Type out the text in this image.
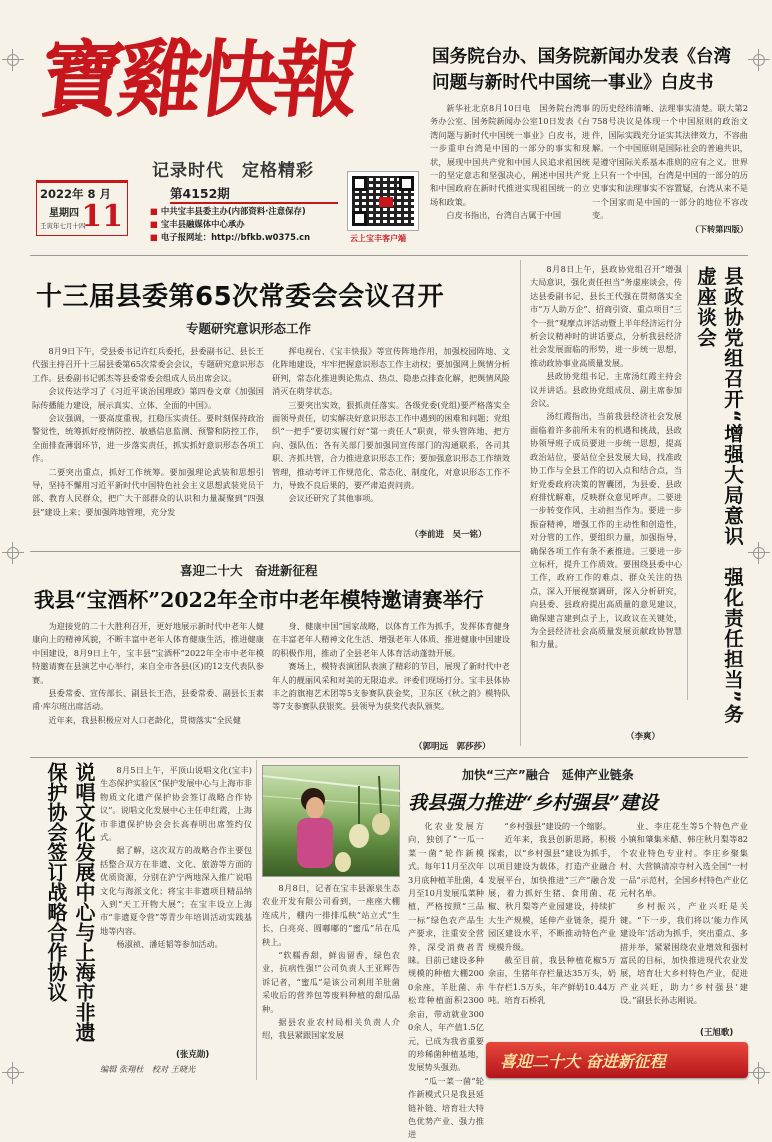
寶雞快報
记录时代　定格精彩
2022年 8 月
星期四
壬寅年七月十四
11
第4152期
■ 中共宝丰县委主办(内部资料·注意保存)
■ 宝丰县融媒体中心承办
■ 电子报网址：http://bfkb.w0375.cn	云上宝丰客户端
国务院台办、国务院新闻办发表《台湾
问题与新时代中国统一事业》白皮书

新华社北京8月10日电　国务院台湾事务办公室、国务院新闻办公室10日发表《台湾问题与新时代中国统一事业》白皮书，进一步重申台湾是中国的一部分的事实和现状，展现中国共产党和中国人民追求祖国统一的坚定意志和坚强决心，阐述中国共产党和中国政府在新时代推进实现祖国统一的立场和政策。

白皮书指出，台湾自古属于中国

的历史经纬清晰、法理事实清楚。联大第2758号决议是体现一个中国原则的政治文件，国际实践充分证实其法律效力，不容曲解。一个中国原则是国际社会的普遍共识，是遵守国际关系基本准则的应有之义。世界上只有一个中国，台湾是中国的一部分的历史事实和法理事实不容置疑，台湾从来不是一个国家而是中国的一部分的地位不容改变。
（下转第四版）
十三届县委第65次常委会会议召开
专题研究意识形态工作

8月9日下午，受县委书记许红兵委托，县委副书记、县长王代强主持召开十三届县委第65次常委会会议，专题研究意识形态工作。县委副书记郭杰等县委常委会组成人员出席会议。

会议传达学习了《习近平谈治国理政》第四卷文章《加强国际传播能力建设，展示真实、立体、全面的中国》。

会议强调，一要高度重视，扛稳压实责任。要时刻保持政治警觉性，统筹抓好疫情防控、敏感信息监测、预警和防控工作，全面排查薄弱环节，进一步落实责任，抓实抓好意识形态各项工作。

二要突出重点，抓好工作统筹。要加强理论武装和思想引导，坚持不懈用习近平新时代中国特色社会主义思想武装党员干部、教育人民群众，把广大干部群众的认识和力量凝聚到“四强县”建设上来；要加强阵地管理，充分发

挥电视台、《宝丰快报》等宣传阵地作用，加强校园阵地、文化阵地建设，牢牢把握意识形态工作主动权；要加强网上舆情分析研判，常态化推进舆论焦点、热点、隐患点排查化解，把舆情风险消灭在萌芽状态。

三要突出实效，狠抓责任落实。各级党委(党组)要严格落实全面领导责任，切实解决好意识形态工作中遇到的困难和问题；党组织“一把手”要切实履行好“第一责任人”职责，带头管阵地、把方向、强队伍；各有关部门要加强同宣传部门的沟通联系，各司其职、齐抓共管，合力推进意识形态工作；要加强意识形态工作绩效管理，推动考评工作规范化、常态化、制度化，对意识形态工作不力，导致不良后果的，要严肃追责问责。

会议还研究了其他事项。

（李前进　吴一铭）

8月8日上午，县政协党组召开“增强大局意识，强化责任担当”务虚座谈会，传达县委副书记、县长王代强在贯彻落实全市“万人助万企”、招商引资、重点项目“三个一批”观摩点评活动暨上半年经济运行分析会议精神时的讲话要点，分析我县经济社会发展面临的形势，进一步统一思想，推动政协事业高质量发展。

县政协党组书记、主席汤红霞主持会议并讲话。县政协党组成员、副主席参加会议。

汤红霞指出，当前我县经济社会发展面临着许多前所未有的机遇和挑战，县政协领导班子成员要进一步统一思想，提高政治站位，要站位全县发展大局，找准政协工作与全县工作的切入点和结合点，当好党委政府决策的智囊团，为县委、县政府排忧解难，反映群众意见呼声。二要进一步转变作风，主动担当作为。要进一步振奋精神，增强工作的主动性和创造性，对分管的工作，要组织力量，加强指导，确保各项工作有条不紊推进。三要进一步立标杆，提升工作质效。要围绕县委中心工作，政府工作的难点、群众关注的热点，深入开展视察调研，深入分析研究，向县委、县政府提出高质量的意见建议，确保建言建到点子上，议政议在关键处，为全县经济社会高质量发展贡献政协智慧和力量。

（李爽）
县政协党组召开“增强大局意识　强化责任担当”务虚座谈会
喜迎二十大　奋进新征程
我县“宝酒杯”2022年全市中老年模特邀请赛举行

为迎接党的二十大胜利召开，更好地展示新时代中老年人健康向上的精神风貌，不断丰富中老年人体育健康生活，推进健康中国建设，8月9日上午，宝丰县“宝酒杯”2022年全市中老年模特邀请赛在县演艺中心举行，来自全市各县(区)的12支代表队参赛。

县委常委、宣传部长、副县长王浩，县委常委、副县长玉素甫·库尔班出席活动。

近年来，我县积极应对人口老龄化，贯彻落实“全民健

身、健康中国”国家战略，以体育工作为抓手，发挥体育健身在丰富老年人精神文化生活、增强老年人体质、推进健康中国建设的积极作用，推动了全县老年人体育活动蓬勃开展。

赛场上，模特表演团队表演了精彩的节目，展现了新时代中老年人的靓丽风采和对美的无限追求。评委们现场打分。宝丰县体协丰之韵旗袍艺术团等5支参赛队获金奖，卫东区《秋之韵》模特队等7支参赛队获银奖。县领导为获奖代表队颁奖。

（郭明远　郭莎莎）
说唱文化发展中心与上海市非遗 保护协会签订战略合作协议	8月5日上午，平顶山说唱文化(宝丰)生态保护实验区“保护发展中心与上海市非物质文化遗产保护协会签订战略合作协议”。说唱文化发展中心主任申红霞，上海市非遗保护协会会长高春明出席签约仪式。

据了解，这次双方的战略合作主要包括整合双方在非遗、文化、旅游等方面的优质资源，分别在沪宁两地深入推广说唱文化与海派文化；将宝丰非遗项目精品纳入到“天工开物大展”；在宝丰设立上海市“非遗夏令营”等青少年培训活动实践基地等内容。

杨淑祯、潘廷韬等参加活动。

(张克勋)
编辑 张翔杜　校对 王晓光
加快“三产”融合　延伸产业链条
我县强力推进“乡村强县”建设

8月8日，记者在宝丰县源泉生态农业开发有限公司看到，一座座大棚连成片，棚内一排排瓜秧“站立式”生长，白亮亮、圆嘟嘟的“蜜瓜”吊在瓜秧上。

“软糯香甜，鲜齿留香，绿色农业，抗病性强!”公司负责人王亚辉告诉记者，“蜜瓜”是该公司利用羊肚菌采收后的营养包等废料种植的甜瓜品种。

据县农业农村局相关负责人介绍，我县紧跟国家发展

化农业发展方向，独创了“一瓜一菜一菌”轮作新模式。每年11月至次年3月底种植羊肚菌，4月至10月发展瓜菜种植，严格按照“三品一标”绿色农产品生产要求，注重安全营养，深受消费者青睐。目前已建设多种规模的种植大棚2000余座，羊肚菌、赤松茸种植面积2300余亩，带动就业3000余人，年产值1.5亿元，已成为我省重要的珍稀菌种植基地，发展势头强劲。

“瓜一菜一菌”轮作新模式只是我县延链补链、培育壮大特色优势产业、强力推进

“乡村强县”建设的一个缩影。

近年来，我县创新思路，积极探索，以“乡村强县”建设为抓手，以项目建设为载体，打造产业融合发展平台，加快推进“三产”融合发展，着力抓好生猪、食用菌、花椒、秋月梨等产业园建设，持续扩大生产规模，延伸产业链条，提升园区建设水平，不断推动特色产业规模升级。

截至目前，我县种植花椒5万余亩，生猪年存栏量达35万头，奶牛存栏1.5万头，年产鲜奶10.44万吨。培育石桥乳

业、李庄花生等5个特色产业小镇和肇集米醋、韩庄秋月梨等82个农业特色专业村。李庄乡聚集村、大营镇清凉寺村入选全国“一村一品”示范村，全国乡村特色产业亿元村名单。

乡村振兴，产业兴旺是关键。“下一步，我们将以‘能力作风建设年’活动为抓手，突出重点、多措并举，紧紧围绕农业增效和强村富民的目标，加快推进现代农业发展，培育壮大乡村特色产业，促进产业兴旺，助力‘乡村强县’建设。”副县长孙志刚说。

(王旭歌)
喜迎二十大 奋进新征程
